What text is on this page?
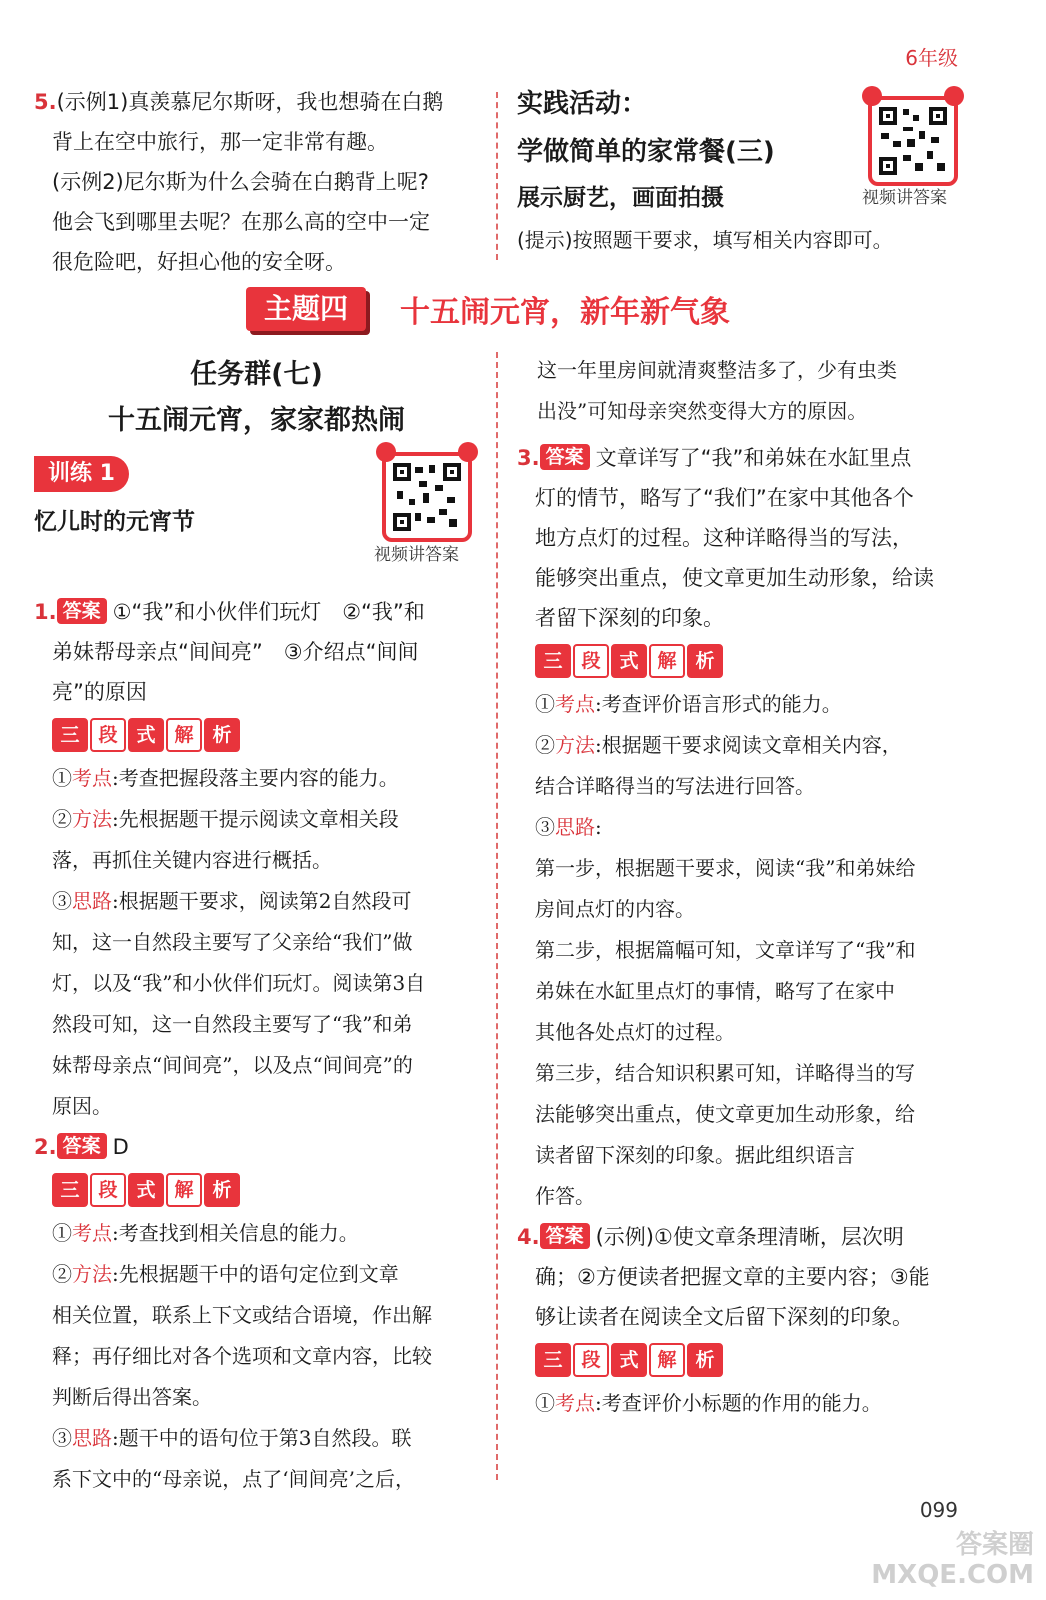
6年级

5.(示例1)真羡慕尼尔斯呀，我也想骑在白鹅

背上在空中旅行，那一定非常有趣。

(示例2)尼尔斯为什么会骑在白鹅背上呢?

他会飞到哪里去呢？在那么高的空中一定

很危险吧，好担心他的安全呀。

实践活动：

学做简单的家常餐(三)

展示厨艺，画面拍摄

(提示)按照题干要求，填写相关内容即可。

视频讲答案
主题四	十五闹元宵，新年新气象

任务群(七)

十五闹元宵，家家都热闹

训练 1

忆儿时的元宵节

1. 答案 ①“我”和小伙伴们玩灯　②“我”和

弟妹帮母亲点“间间亮”　③介绍点“间间

亮”的原因

三 段 式 解 析
①考点:考查把握段落主要内容的能力。
②方法:先根据题干提示阅读文章相关段
落，再抓住关键内容进行概括。
③思路:根据题干要求，阅读第2自然段可
知，这一自然段主要写了父亲给“我们”做
灯，以及“我”和小伙伴们玩灯。阅读第3自
然段可知，这一自然段主要写了“我”和弟
妹帮母亲点“间间亮”，以及点“间间亮”的
原因。

2. 答案 D

三 段 式 解 析
①考点:考查找到相关信息的能力。
②方法:先根据题干中的语句定位到文章
相关位置，联系上下文或结合语境，作出解
释；再仔细比对各个选项和文章内容，比较
判断后得出答案。
③思路:题干中的语句位于第3自然段。联
系下文中的“母亲说，点了‘间间亮’之后，
视频讲答案
这一年里房间就清爽整洁多了，少有虫类
出没”可知母亲突然变得大方的原因。

3. 答案 文章详写了“我”和弟妹在水缸里点

灯的情节，略写了“我们”在家中其他各个

地方点灯的过程。这种详略得当的写法，

能够突出重点，使文章更加生动形象，给读

者留下深刻的印象。

三 段 式 解 析
①考点:考查评价语言形式的能力。
②方法:根据题干要求阅读文章相关内容，
结合详略得当的写法进行回答。
③思路:
第一步，根据题干要求，阅读“我”和弟妹给
房间点灯的内容。
第二步，根据篇幅可知，文章详写了“我”和
弟妹在水缸里点灯的事情，略写了在家中
其他各处点灯的过程。
第三步，结合知识积累可知，详略得当的写
法能够突出重点，使文章更加生动形象，给
读者留下深刻的印象。据此组织语言
作答。

4. 答案 (示例)①使文章条理清晰，层次明

确；②方便读者把握文章的主要内容；③能

够让读者在阅读全文后留下深刻的印象。

三 段 式 解 析
①考点:考查评价小标题的作用的能力。
099
答案圈
MXQE.COM
